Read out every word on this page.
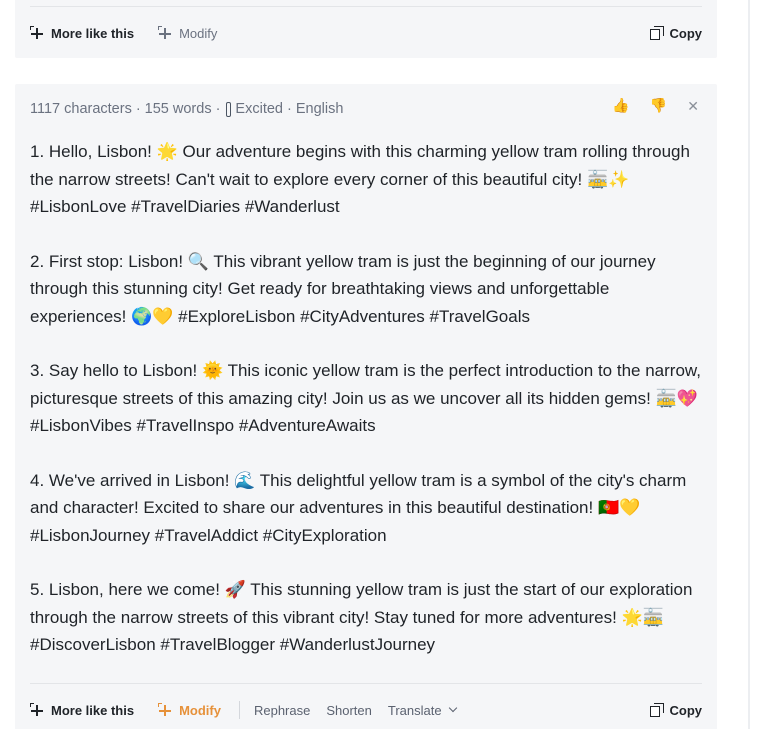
More like this	Modify	Copy
1117 characters · 155 words · Excited · English	👍 👎 ✕

1. Hello, Lisbon! 🌟 Our adventure begins with this charming yellow tram rolling through the narrow streets! Can't wait to explore every corner of this beautiful city! 🚋✨ #LisbonLove #TravelDiaries #Wanderlust

2. First stop: Lisbon! 🔍 This vibrant yellow tram is just the beginning of our journey through this stunning city! Get ready for breathtaking views and unforgettable experiences! 🌍💛 #ExploreLisbon #CityAdventures #TravelGoals

3. Say hello to Lisbon! 🌞 This iconic yellow tram is the perfect introduction to the narrow, picturesque streets of this amazing city! Join us as we uncover all its hidden gems! 🚋💖 #LisbonVibes #TravelInspo #AdventureAwaits

4. We've arrived in Lisbon! 🌊 This delightful yellow tram is a symbol of the city's charm and character! Excited to share our adventures in this beautiful destination! 🇵🇹💛 #LisbonJourney #TravelAddict #CityExploration

5. Lisbon, here we come! 🚀 This stunning yellow tram is just the start of our exploration through the narrow streets of this vibrant city! Stay tuned for more adventures! 🌟🚋 #DiscoverLisbon #TravelBlogger #WanderlustJourney

More like this	Modify	Rephrase Shorten Translate	Copy
